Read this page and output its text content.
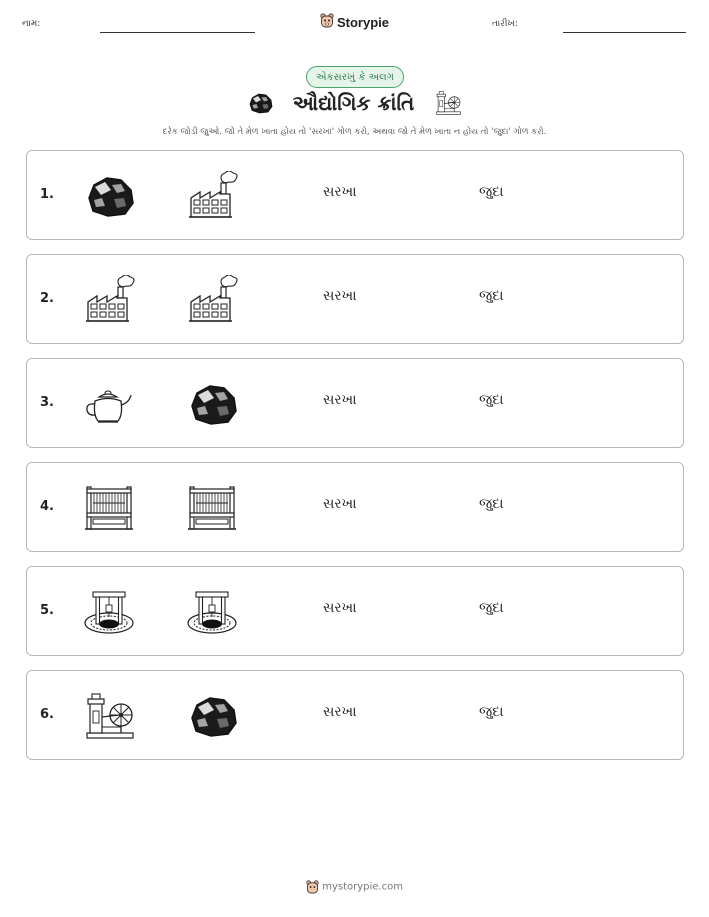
નામ:	Storypie	તારીખ:
એકસરખું કે અલગ
ઔદ્યોગિક ક્રાંતિ
દરેક જોડી જુઓ. જો તે મેળ ખાતા હોય તો 'સરખા' ગોળ કરો, અથવા જો તે મેળ ખાતા ન હોય તો 'જુદા' ગોળ કરો.
1.	સરખા	જુદા
2.	સરખા	જુદા
3.	સરખા	જુદા
4.	સરખા	જુદા
5.	સરખા	જુદા
6.	સરખા	જુદા
mystorypie.com
